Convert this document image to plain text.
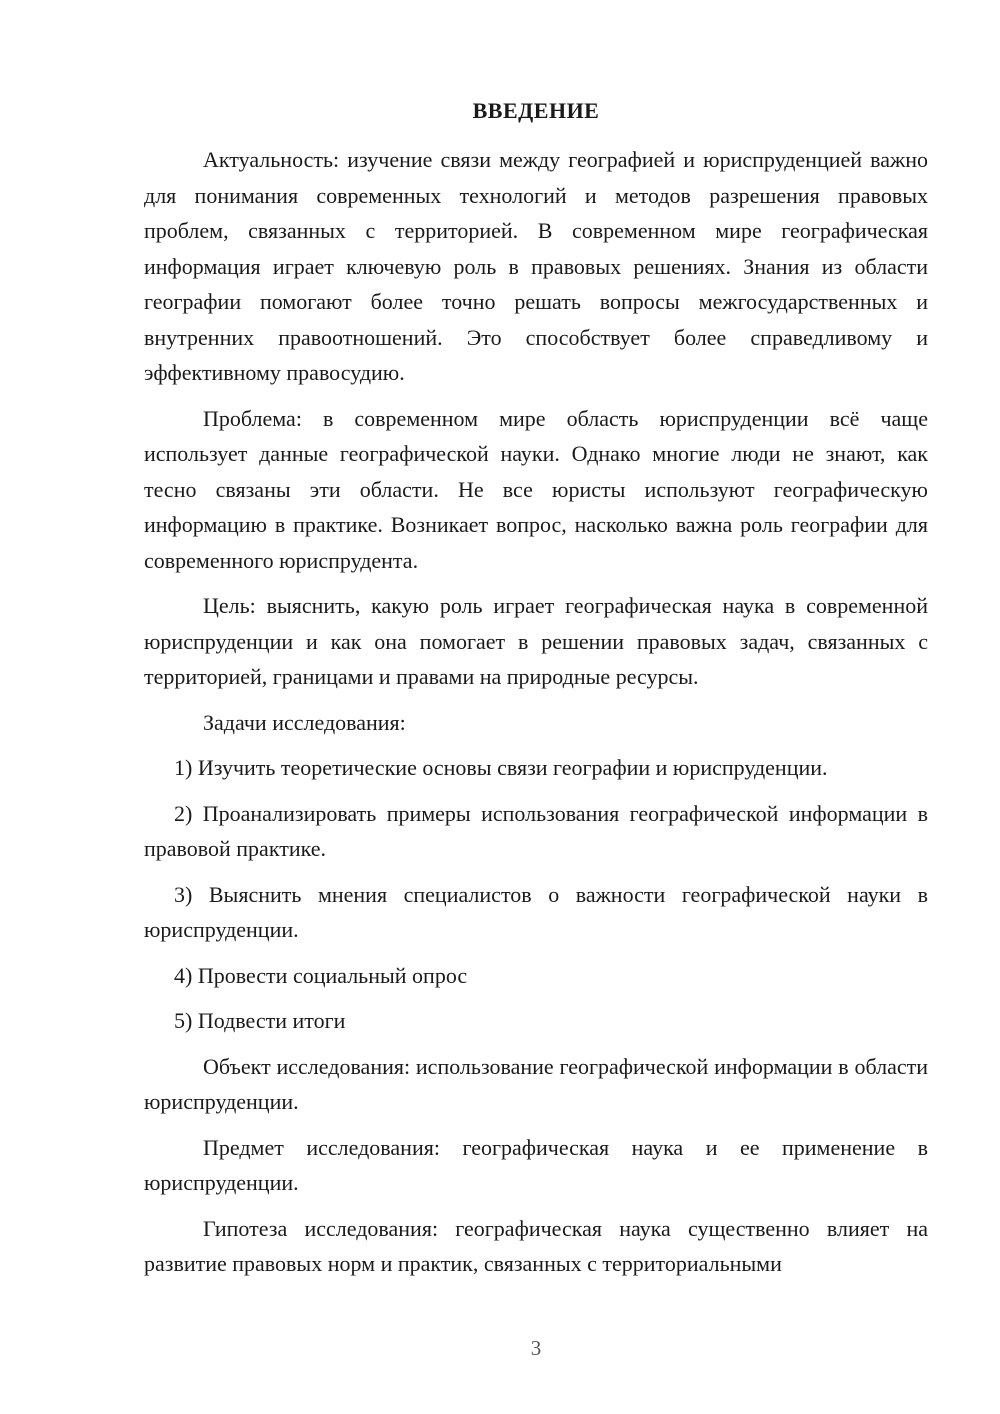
ВВЕДЕНИЕ

Актуальность: изучение связи между географией и юриспруденцией важно для понимания современных технологий и методов разрешения правовых проблем, связанных с территорией. В современном мире географическая информация играет ключевую роль в правовых решениях. Знания из области географии помогают более точно решать вопросы межгосударственных и внутренних правоотношений. Это способствует более справедливому и эффективному правосудию.

Проблема: в современном мире область юриспруденции всё чаще использует данные географической науки. Однако многие люди не знают, как тесно связаны эти области. Не все юристы используют географическую информацию в практике. Возникает вопрос, насколько важна роль географии для современного юриспрудента.

Цель: выяснить, какую роль играет географическая наука в современной юриспруденции и как она помогает в решении правовых задач, связанных с территорией, границами и правами на природные ресурсы.

Задачи исследования:

1) Изучить теоретические основы связи географии и юриспруденции.

2) Проанализировать примеры использования географической информации в правовой практике.

3) Выяснить мнения специалистов о важности географической науки в юриспруденции.

4) Провести социальный опрос

5) Подвести итоги

Объект исследования: использование географической информации в области юриспруденции.

Предмет исследования: географическая наука и ее применение в юриспруденции.

Гипотеза исследования: географическая наука существенно влияет на развитие правовых норм и практик, связанных с территориальными

3
